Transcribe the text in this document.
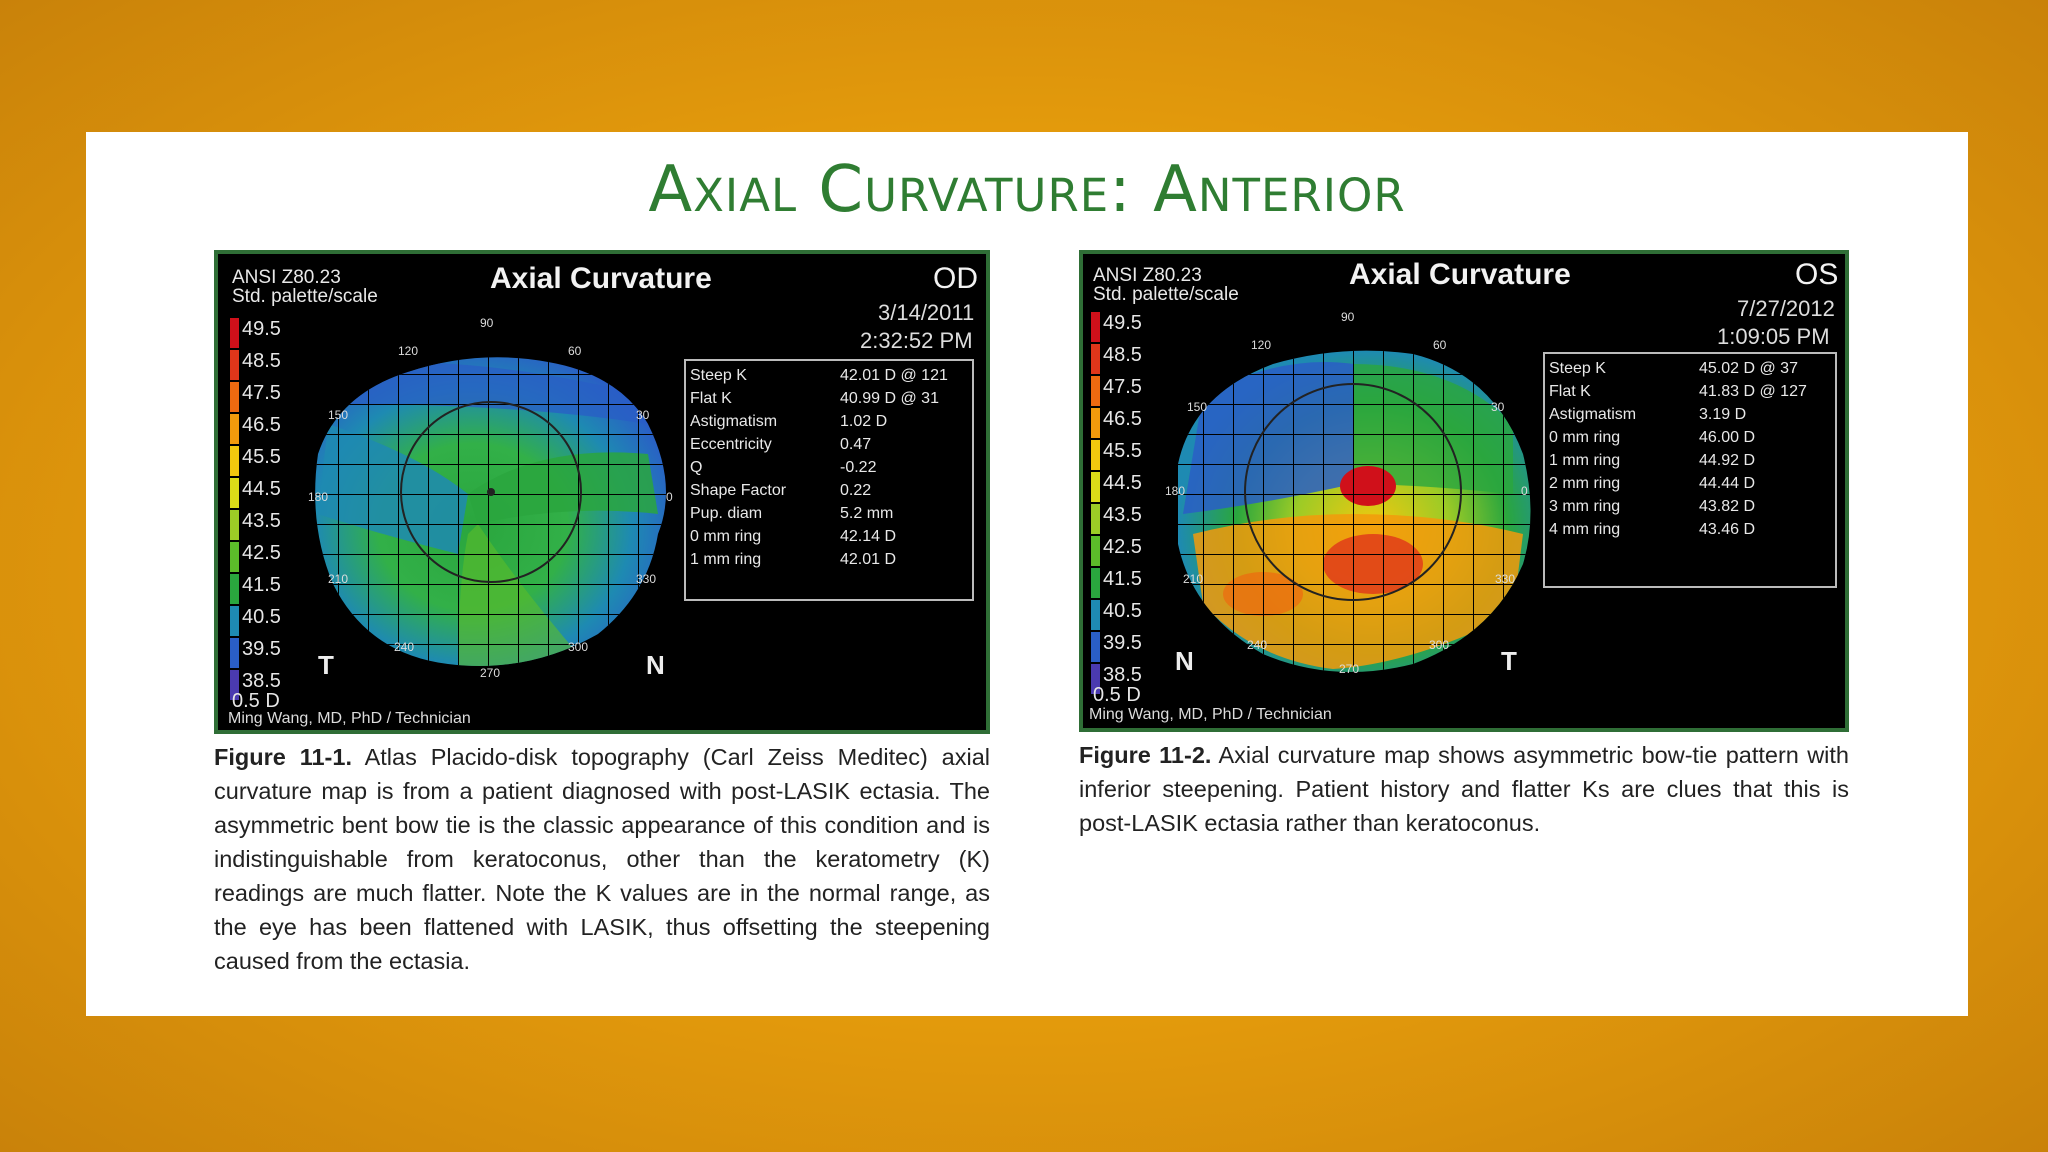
Axial Curvature: Anterior
ANSI Z80.23
Std. palette/scale
Axial Curvature	OD
3/14/2011
2:32:52 PM
49.5
48.5
47.5
46.5
45.5
44.5
43.5
42.5
41.5
40.5
39.5
38.5
0.5 D
90
120	60
150	30
180	0
210	330
240	300
270
T	N
Ming Wang, MD, PhD / Technician
Steep K	42.01 D @ 121
Flat K	40.99 D @ 31
Astigmatism	1.02 D
Eccentricity	0.47
Q	-0.22
Shape Factor	0.22
Pup. diam	5.2 mm
0 mm ring	42.14 D
1 mm ring	42.01 D
Figure 11-1. Atlas Placido-disk topography (Carl Zeiss Meditec) axial curvature map is from a patient diagnosed with post-LASIK ectasia. The asymmetric bent bow tie is the classic appearance of this condition and is indistinguishable from keratoconus, other than the keratometry (K) readings are much flatter. Note the K values are in the normal range, as the eye has been flattened with LASIK, thus offsetting the steepening caused from the ectasia.
ANSI Z80.23
Std. palette/scale
Axial Curvature	OS
7/27/2012
1:09:05 PM
49.5
48.5
47.5
46.5
45.5
44.5
43.5
42.5
41.5
40.5
39.5
38.5
0.5 D
90
120	60
150	30
180	0
210	330
240	300
270
N	T
Ming Wang, MD, PhD / Technician
Steep K	45.02 D @ 37
Flat K	41.83 D @ 127
Astigmatism	3.19 D
0 mm ring	46.00 D
1 mm ring	44.92 D
2 mm ring	44.44 D
3 mm ring	43.82 D
4 mm ring	43.46 D
Figure 11-2. Axial curvature map shows asymmetric bow-tie pattern with inferior steepening. Patient history and flatter Ks are clues that this is post-LASIK ectasia rather than keratoconus.
